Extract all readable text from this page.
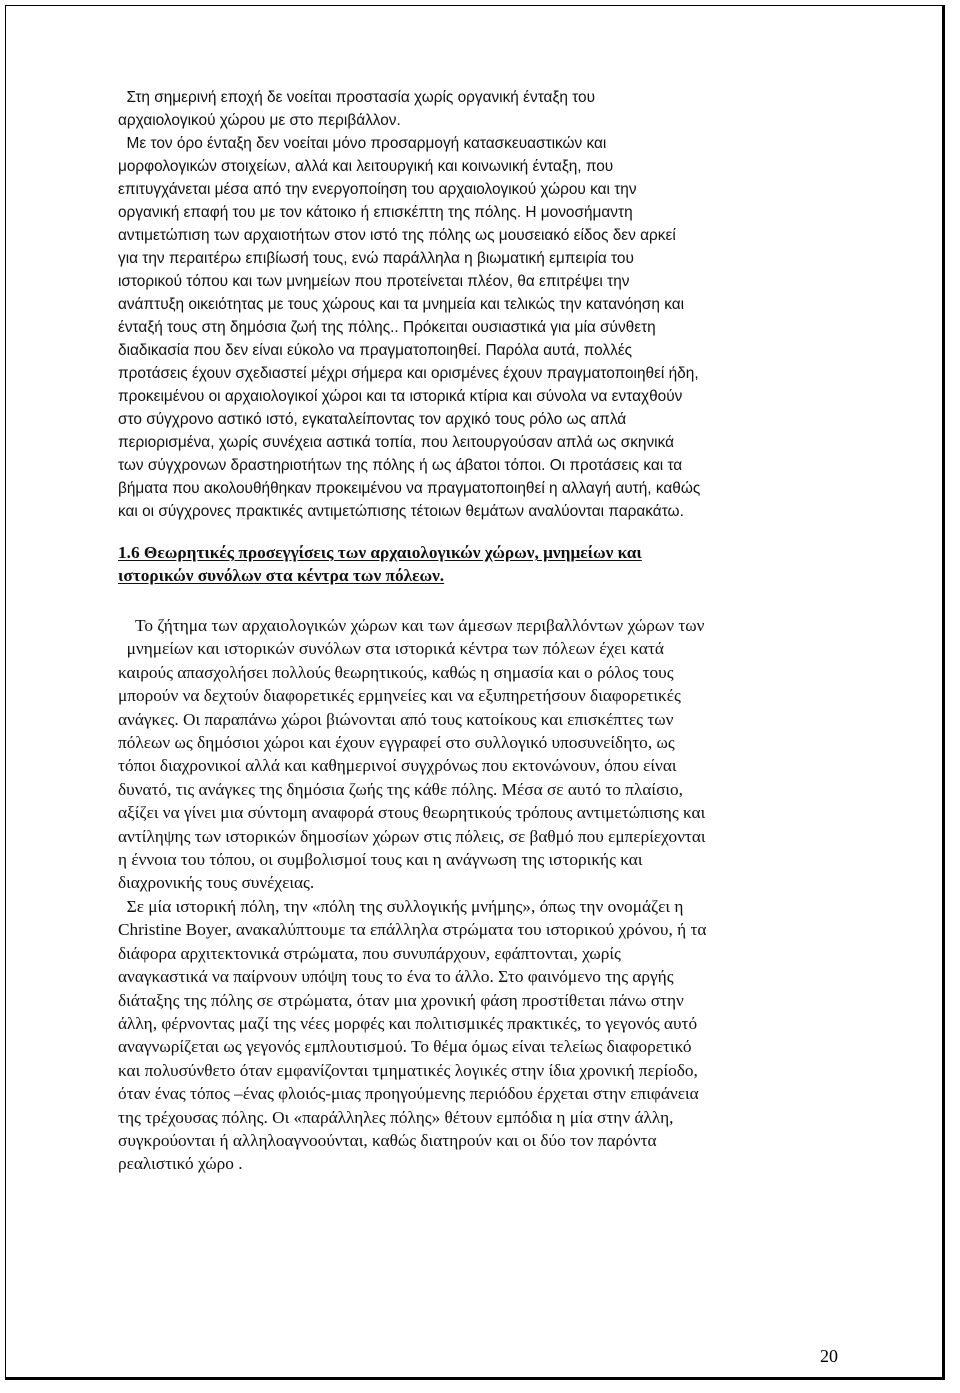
Στη σημερινή εποχή δε νοείται προστασία χωρίς οργανική ένταξη του
αρχαιολογικού χώρου με στο περιβάλλον.
Με τον όρο ένταξη δεν νοείται μόνο προσαρμογή κατασκευαστικών και
μορφολογικών στοιχείων, αλλά και λειτουργική και κοινωνική ένταξη, που
επιτυγχάνεται μέσα από την ενεργοποίηση του αρχαιολογικού χώρου και την
οργανική επαφή του με τον κάτοικο ή επισκέπτη της πόλης. Η μονοσήμαντη
αντιμετώπιση των αρχαιοτήτων στον ιστό της πόλης ως μουσειακό είδος δεν αρκεί
για την περαιτέρω επιβίωσή τους, ενώ παράλληλα η βιωματική εμπειρία του
ιστορικού τόπου και των μνημείων που προτείνεται πλέον, θα επιτρέψει την
ανάπτυξη οικειότητας με τους χώρους και τα μνημεία και τελικώς την κατανόηση και
ένταξή τους στη δημόσια ζωή της πόλης.. Πρόκειται ουσιαστικά για μία σύνθετη
διαδικασία που δεν είναι εύκολο να πραγματοποιηθεί. Παρόλα αυτά, πολλές
προτάσεις έχουν σχεδιαστεί μέχρι σήμερα και ορισμένες έχουν πραγματοποιηθεί ήδη,
προκειμένου οι αρχαιολογικοί χώροι και τα ιστορικά κτίρια και σύνολα να ενταχθούν
στο σύγχρονο αστικό ιστό, εγκαταλείποντας τον αρχικό τους ρόλο ως απλά
περιορισμένα, χωρίς συνέχεια αστικά τοπία, που λειτουργούσαν απλά ως σκηνικά
των σύγχρονων δραστηριοτήτων της πόλης ή ως άβατοι τόποι. Οι προτάσεις και τα
βήματα που ακολουθήθηκαν προκειμένου να πραγματοποιηθεί η αλλαγή αυτή, καθώς
και οι σύγχρονες πρακτικές αντιμετώπισης τέτοιων θεμάτων αναλύονται παρακάτω.
1.6 Θεωρητικές προσεγγίσεις των αρχαιολογικών χώρων, μνημείων και
ιστορικών συνόλων στα κέντρα των πόλεων.
Το ζήτημα των αρχαιολογικών χώρων και των άμεσων περιβαλλόντων χώρων των
μνημείων και ιστορικών συνόλων στα ιστορικά κέντρα των πόλεων έχει κατά
καιρούς απασχολήσει πολλούς θεωρητικούς, καθώς η σημασία και ο ρόλος τους
μπορούν να δεχτούν διαφορετικές ερμηνείες και να εξυπηρετήσουν διαφορετικές
ανάγκες. Οι παραπάνω χώροι βιώνονται από τους κατοίκους και επισκέπτες των
πόλεων ως δημόσιοι χώροι και έχουν εγγραφεί στο συλλογικό υποσυνείδητο, ως
τόποι διαχρονικοί αλλά και καθημερινοί συγχρόνως που εκτονώνουν, όπου είναι
δυνατό, τις ανάγκες της δημόσια ζωής της κάθε πόλης. Μέσα σε αυτό το πλαίσιο,
αξίζει να γίνει μια σύντομη αναφορά στους θεωρητικούς τρόπους αντιμετώπισης και
αντίληψης των ιστορικών δημοσίων χώρων στις πόλεις, σε βαθμό που εμπερίεχονται
η έννοια του τόπου, οι συμβολισμοί τους και η ανάγνωση της ιστορικής και
διαχρονικής τους συνέχειας.
Σε μία ιστορική πόλη, την «πόλη της συλλογικής μνήμης», όπως την ονομάζει η
Christine Boyer, ανακαλύπτουμε τα επάλληλα στρώματα του ιστορικού χρόνου, ή τα
διάφορα αρχιτεκτονικά στρώματα, που συνυπάρχουν, εφάπτονται, χωρίς
αναγκαστικά να παίρνουν υπόψη τους το ένα το άλλο. Στο φαινόμενο της αργής
διάταξης της πόλης σε στρώματα, όταν μια χρονική φάση προστίθεται πάνω στην
άλλη, φέρνοντας μαζί της νέες μορφές και πολιτισμικές πρακτικές, το γεγονός αυτό
αναγνωρίζεται ως γεγονός εμπλουτισμού. Το θέμα όμως είναι τελείως διαφορετικό
και πολυσύνθετο όταν εμφανίζονται τμηματικές λογικές στην ίδια χρονική περίοδο,
όταν ένας τόπος –ένας φλοιός-μιας προηγούμενης περιόδου έρχεται στην επιφάνεια
της τρέχουσας πόλης. Οι «παράλληλες πόλης» θέτουν εμπόδια η μία στην άλλη,
συγκρούονται ή αλληλοαγνοούνται, καθώς διατηρούν και οι δύο τον παρόντα
ρεαλιστικό χώρο .
20
